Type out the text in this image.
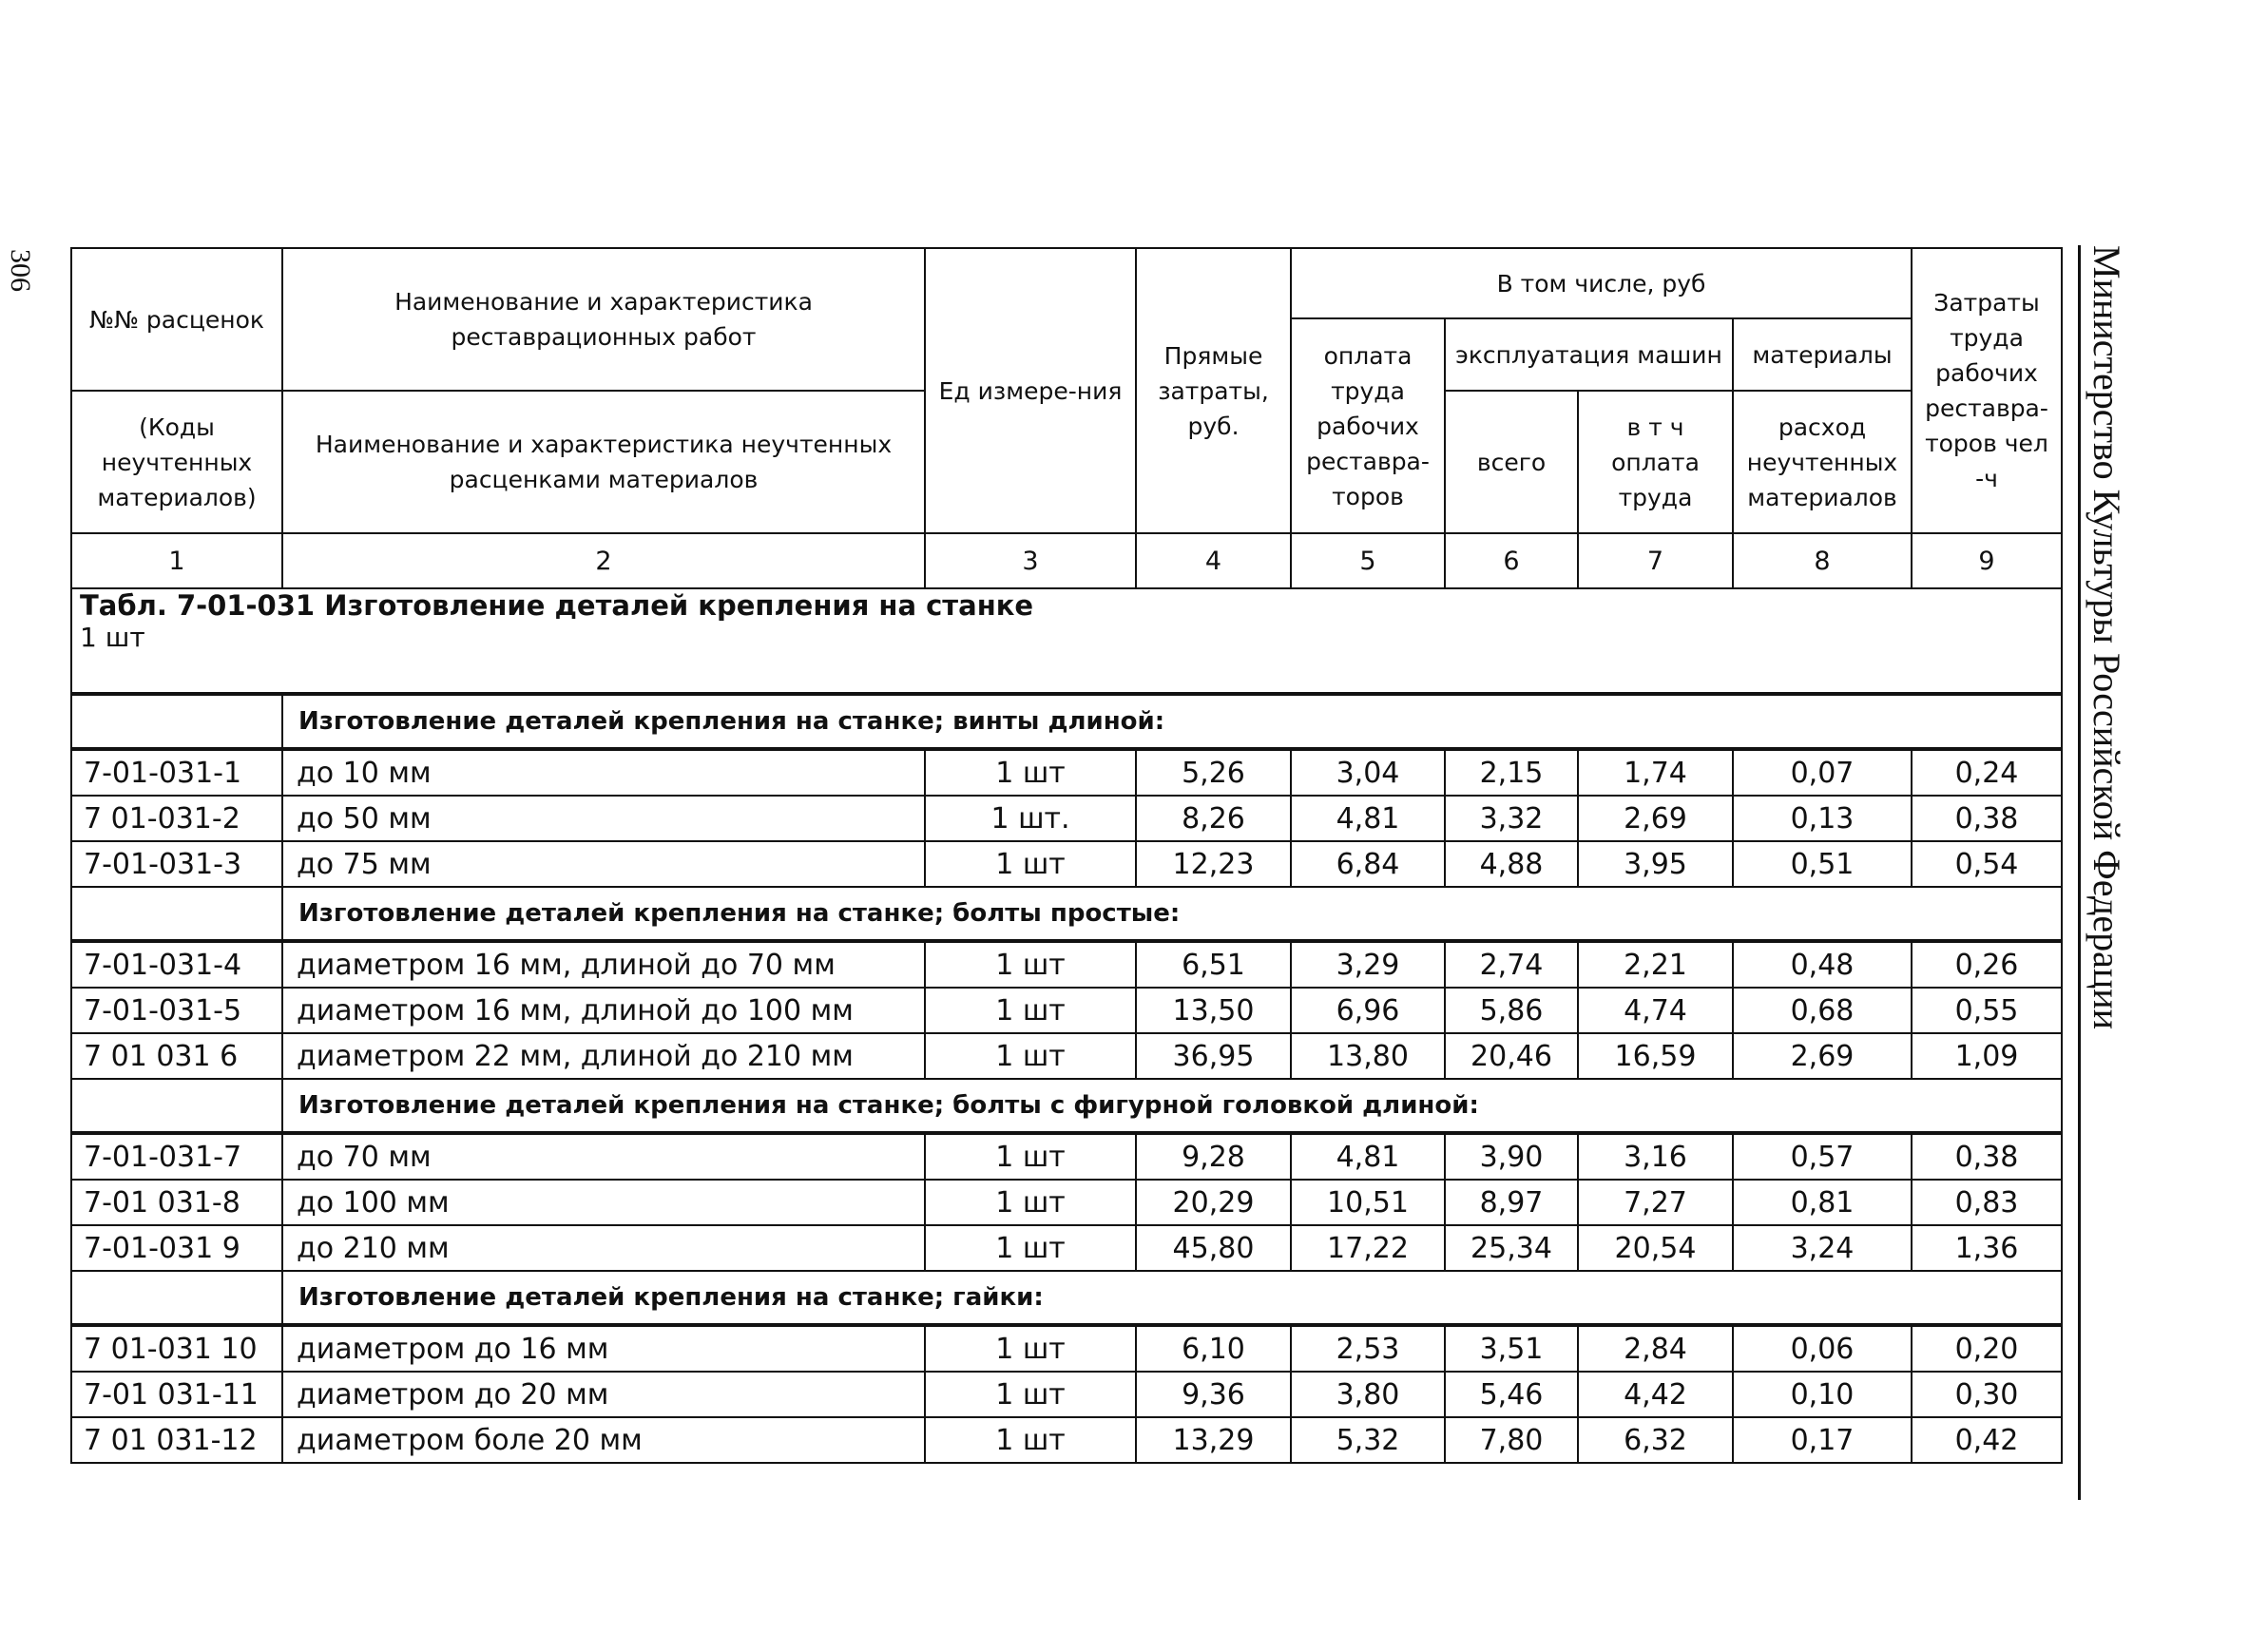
306	Министерство Культуры Российской Федерации
№№ расценок	Наименование и характеристика реставрационных работ	Ед измере-ния	Прямые затраты, руб.	В том числе, руб				Затраты труда рабочих реставра-торов чел -ч
				оплата труда рабочих реставра-торов	эксплуатация машин		материалы	
(Коды неучтенных материалов)	Наименование и характеристика неучтенных расценками материалов				всего	в т ч оплата труда	расход неучтенных материалов	

1	2	3	4	5	6	7	8	9

Табл. 7-01-031 Изготовление деталей крепления на станке
1 шт								

	Изготовление деталей крепления на станке; винты длиной:							
7-01-031-1	до 10 мм	1 шт	5,26	3,04	2,15	1,74	0,07	0,24
7 01-031-2	до 50 мм	1 шт.	8,26	4,81	3,32	2,69	0,13	0,38
7-01-031-3	до 75 мм	1 шт	12,23	6,84	4,88	3,95	0,51	0,54
	Изготовление деталей крепления на станке; болты простые:							
7-01-031-4	диаметром 16 мм, длиной до 70 мм	1 шт	6,51	3,29	2,74	2,21	0,48	0,26
7-01-031-5	диаметром 16 мм, длиной до 100 мм	1 шт	13,50	6,96	5,86	4,74	0,68	0,55
7 01 031 6	диаметром 22 мм, длиной до 210 мм	1 шт	36,95	13,80	20,46	16,59	2,69	1,09
	Изготовление деталей крепления на станке; болты с фигурной головкой длиной:							
7-01-031-7	до 70 мм	1 шт	9,28	4,81	3,90	3,16	0,57	0,38
7-01 031-8	до 100 мм	1 шт	20,29	10,51	8,97	7,27	0,81	0,83
7-01-031 9	до 210 мм	1 шт	45,80	17,22	25,34	20,54	3,24	1,36
	Изготовление деталей крепления на станке; гайки:							
7 01-031 10	диаметром до 16 мм	1 шт	6,10	2,53	3,51	2,84	0,06	0,20
7-01 031-11	диаметром до 20 мм	1 шт	9,36	3,80	5,46	4,42	0,10	0,30
7 01 031-12	диаметром боле 20 мм	1 шт	13,29	5,32	7,80	6,32	0,17	0,42
